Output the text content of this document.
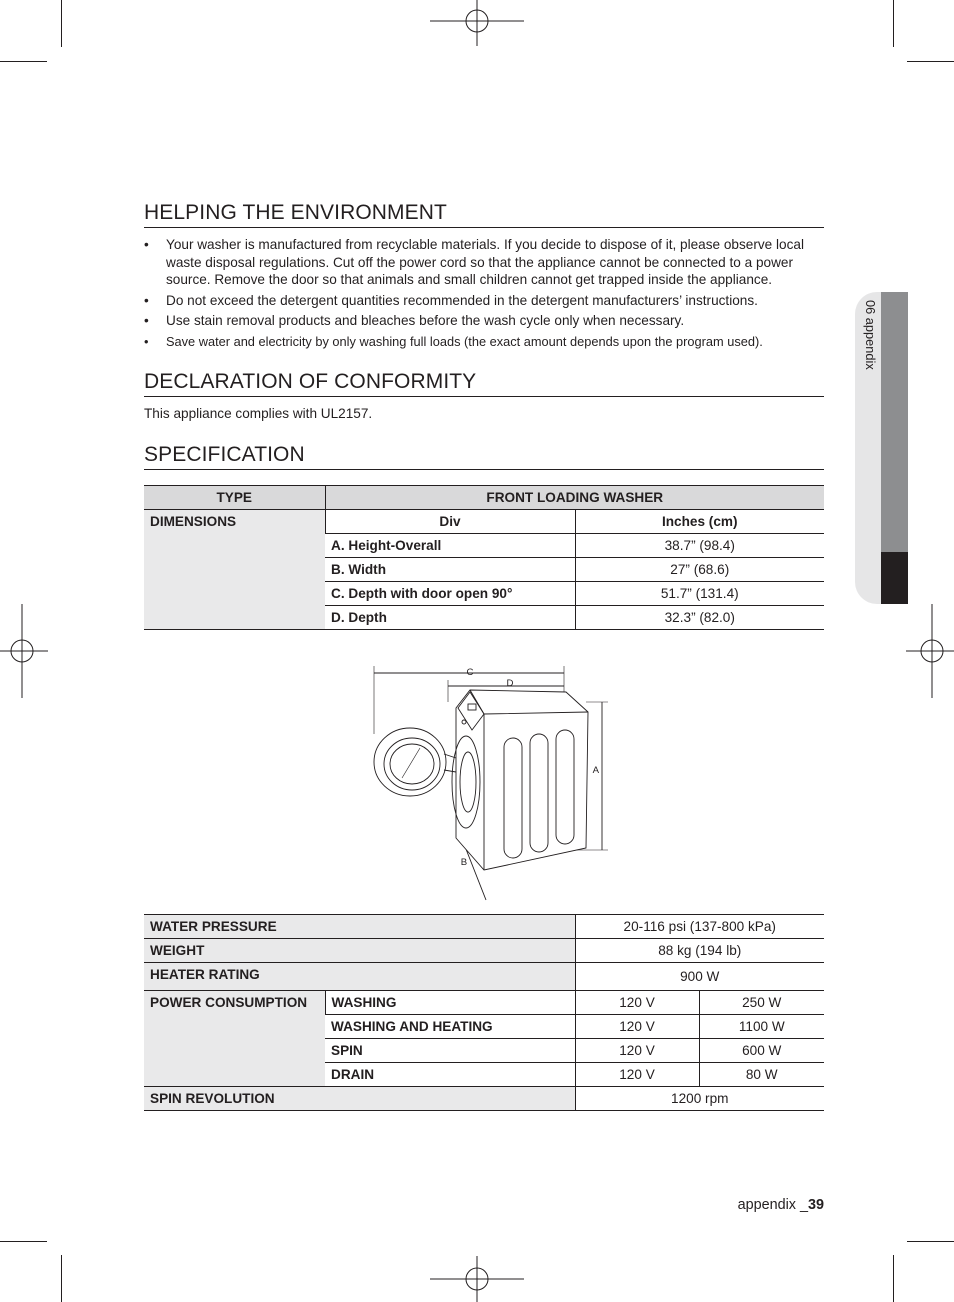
06 appendix
HELPING THE ENVIRONMENT
• Your washer is manufactured from recyclable materials. If you decide to dispose of it, please observe local waste disposal regulations. Cut off the power cord so that the appliance cannot be connected to a power source. Remove the door so that animals and small children cannot get trapped inside the appliance.
• Do not exceed the detergent quantities recommended in the detergent manufacturers’ instructions.
• Use stain removal products and bleaches before the wash cycle only when necessary.
• Save water and electricity by only washing full loads (the exact amount depends upon the program used).
DECLARATION OF CONFORMITY

This appliance complies with UL2157.

SPECIFICATION
TYPE	FRONT LOADING WASHER	
DIMENSIONS	Div	Inches (cm)
	A. Height-Overall	38.7” (98.4)
	B. Width	27” (68.6)
	C. Depth with door open 90°	51.7” (131.4)
	D. Depth	32.3” (82.0)
WATER PRESSURE		20-116 psi (137-800 kPa)	
WEIGHT		88 kg (194 lb)	
HEATER RATING		900 W	
POWER CONSUMPTION	WASHING	120 V	250 W
	WASHING AND HEATING	120 V	1100 W
	SPIN	120 V	600 W
	DRAIN	120 V	80 W
SPIN REVOLUTION		1200 rpm	
C
D
A
B
appendix _39
